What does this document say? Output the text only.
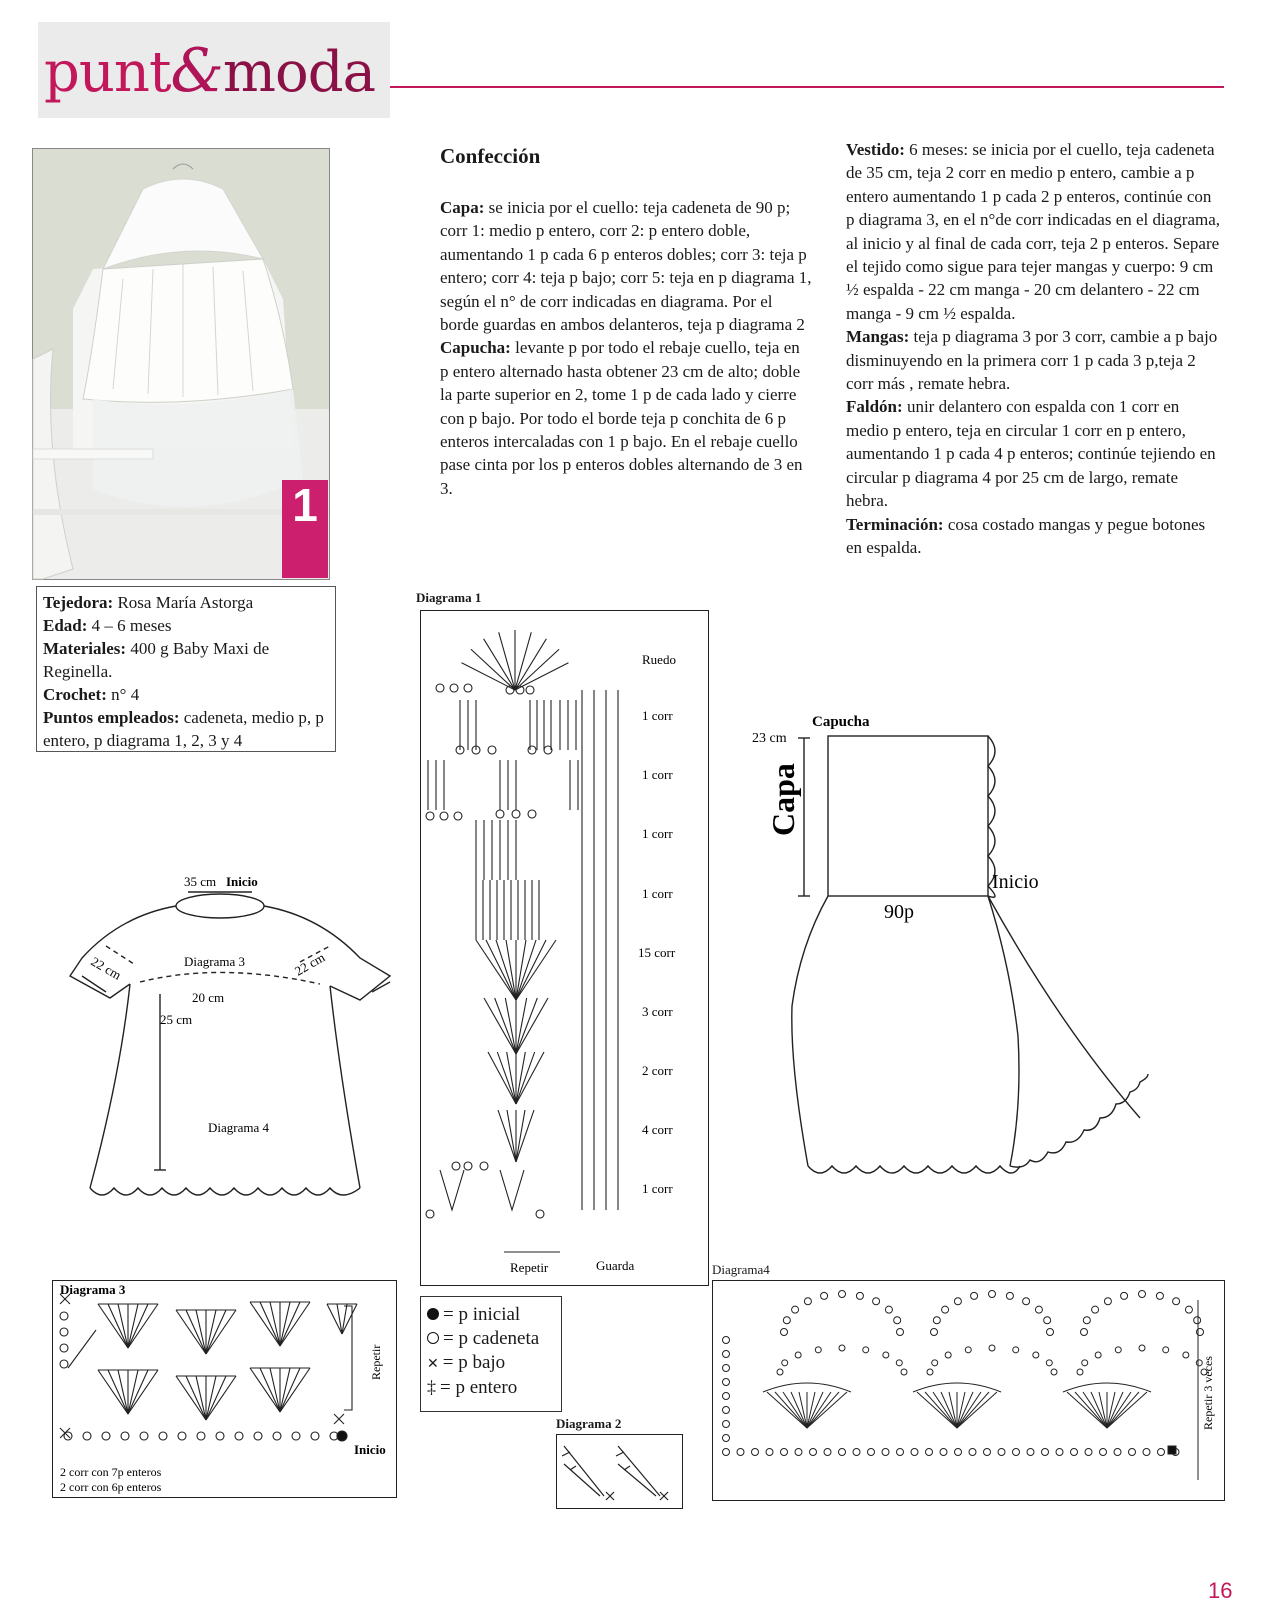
punt&moda
1
Tejedora: Rosa María Astorga
Edad: 4 – 6 meses
Materiales: 400 g Baby Maxi de Reginella.
Crochet: n° 4
Puntos empleados: cadeneta, medio p, p entero, p diagrama 1, 2, 3 y 4
Confección

Capa: se inicia por el cuello: teja cadeneta de 90 p; corr 1: medio p entero, corr 2: p entero doble, aumentando 1 p cada 6 p enteros dobles; corr 3: teja p entero; corr 4: teja p bajo; corr 5: teja en p diagrama 1, según el n° de corr indicadas en diagrama. Por el borde guardas en ambos delanteros, teja p diagrama 2

Capucha: levante p por todo el rebaje cuello, teja en p entero alternado hasta obtener 23 cm de alto; doble la parte superior en 2, tome 1 p de cada lado y cierre con p bajo. Por todo el borde teja p conchita de 6 p enteros intercaladas con 1 p bajo. En el rebaje cuello pase cinta por los p enteros dobles alternando de 3 en 3.

Vestido: 6 meses: se inicia por el cuello, teja cadeneta de 35 cm, teja 2 corr en medio p entero, cambie a p entero aumentando 1 p cada 2 p enteros, continúe con p diagrama 3, en el n°de corr indicadas en el diagrama, al inicio y al final de cada corr, teja 2 p enteros. Separe el tejido como sigue para tejer mangas y cuerpo: 9 cm ½ espalda - 22 cm manga - 20 cm delantero - 22 cm manga - 9 cm ½ espalda.

Mangas: teja p diagrama 3 por 3 corr, cambie a p bajo disminuyendo en la primera corr 1 p cada 3 p,teja 2 corr más , remate hebra.

Faldón: unir delantero con espalda con 1 corr en medio p entero, teja en circular 1 corr en p entero, aumentando 1 p cada 4 p enteros; continúe tejiendo en circular p diagrama 4 por 25 cm de largo, remate hebra.

Terminación: cosa costado mangas y pegue botones en espalda.

35 cm Inicio
Diagrama 3
22 cm	22 cm
20 cm
25 cm
Diagrama 4
Diagrama 1
Ruedo
1 corr
1 corr
1 corr
1 corr
15 corr
3 corr
2 corr
4 corr
1 corr
Repetir	Guarda
Capucha
23 cm
Capa
Inicio
90p
Diagrama 3
Repetir
Inicio
2 corr con 7p enteros
2 corr con 6p enteros
= p inicial
= p cadeneta
✕ = p bajo
‡ = p entero
Diagrama 2
Diagrama4
Repetir 3 veces
16
